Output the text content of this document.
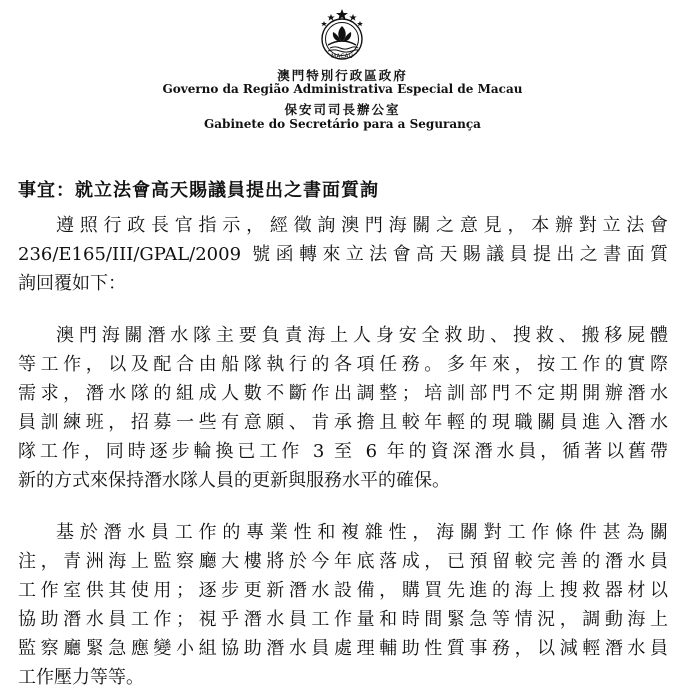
MACAU
澳門特別行政區政府
Governo da Região Administrativa Especial de Macau
保安司司長辦公室
Gabinete do Secretário para a Segurança
事宜：就立法會高天賜議員提出之書面質詢
遵照行政長官指示，經徵詢澳門海關之意見，本辦對立法會
236/E165/III/GPAL/2009 號函轉來立法會高天賜議員提出之書面質
詢回覆如下：
澳門海關潛水隊主要負責海上人身安全救助、搜救、搬移屍體
等工作，以及配合由船隊執行的各項任務。多年來，按工作的實際
需求，潛水隊的組成人數不斷作出調整；培訓部門不定期開辦潛水
員訓練班，招募一些有意願、肯承擔且較年輕的現職關員進入潛水
隊工作，同時逐步輪換已工作 3 至 6 年的資深潛水員，循著以舊帶
新的方式來保持潛水隊人員的更新與服務水平的確保。
基於潛水員工作的專業性和複雜性，海關對工作條件甚為關
注，青洲海上監察廳大樓將於今年底落成，已預留較完善的潛水員
工作室供其使用；逐步更新潛水設備，購買先進的海上搜救器材以
協助潛水員工作；視乎潛水員工作量和時間緊急等情況，調動海上
監察廳緊急應變小組協助潛水員處理輔助性質事務，以減輕潛水員
工作壓力等等。
